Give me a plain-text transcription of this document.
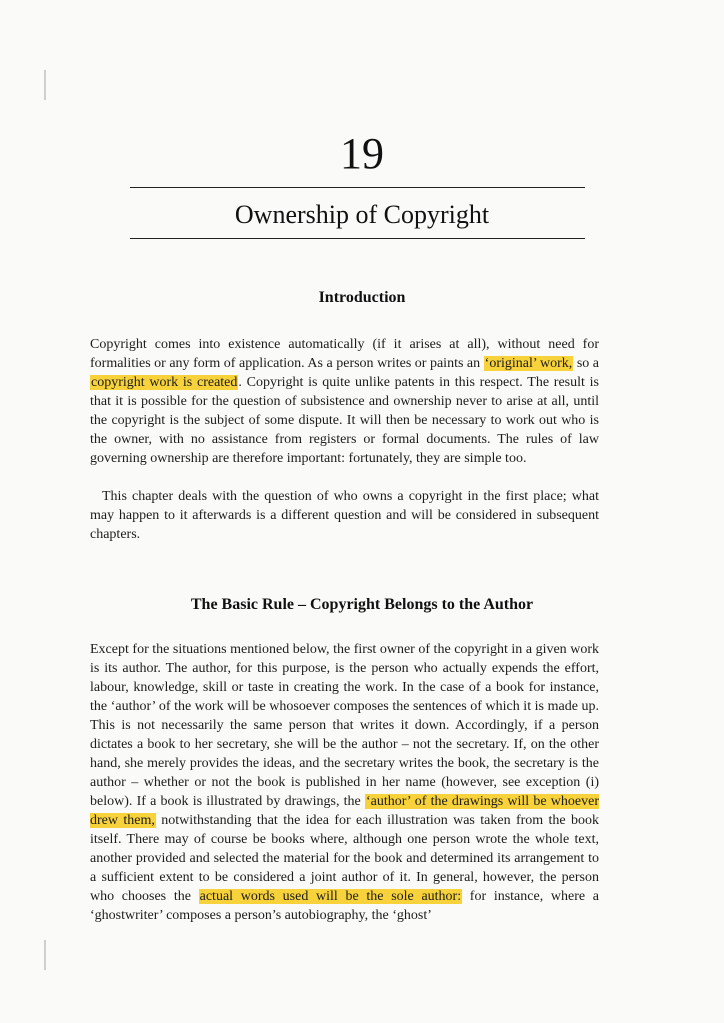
19
Ownership of Copyright
Introduction

Copyright comes into existence automatically (if it arises at all), without need for formalities or any form of application. As a person writes or paints an ‘original’ work, so a copyright work is created. Copyright is quite unlike patents in this respect. The result is that it is possible for the question of subsistence and ownership never to arise at all, until the copyright is the subject of some dispute. It will then be necessary to work out who is the owner, with no assistance from registers or formal documents. The rules of law governing ownership are therefore important: fortunately, they are simple too.

This chapter deals with the question of who owns a copyright in the first place; what may happen to it afterwards is a different question and will be considered in subsequent chapters.

The Basic Rule – Copyright Belongs to the Author

Except for the situations mentioned below, the first owner of the copyright in a given work is its author. The author, for this purpose, is the person who actually expends the effort, labour, knowledge, skill or taste in creating the work. In the case of a book for instance, the ‘author’ of the work will be whosoever composes the sentences of which it is made up. This is not necessarily the same person that writes it down. Accordingly, if a person dictates a book to her secretary, she will be the author – not the secretary. If, on the other hand, she merely provides the ideas, and the secretary writes the book, the secretary is the author – whether or not the book is published in her name (however, see exception (i) below). If a book is illustrated by drawings, the ‘author’ of the drawings will be whoever drew them, notwithstanding that the idea for each illustration was taken from the book itself. There may of course be books where, although one person wrote the whole text, another provided and selected the material for the book and determined its arrangement to a sufficient extent to be considered a joint author of it. In general, however, the person who chooses the actual words used will be the sole author: for instance, where a ‘ghostwriter’ composes a person’s autobiography, the ‘ghost’
